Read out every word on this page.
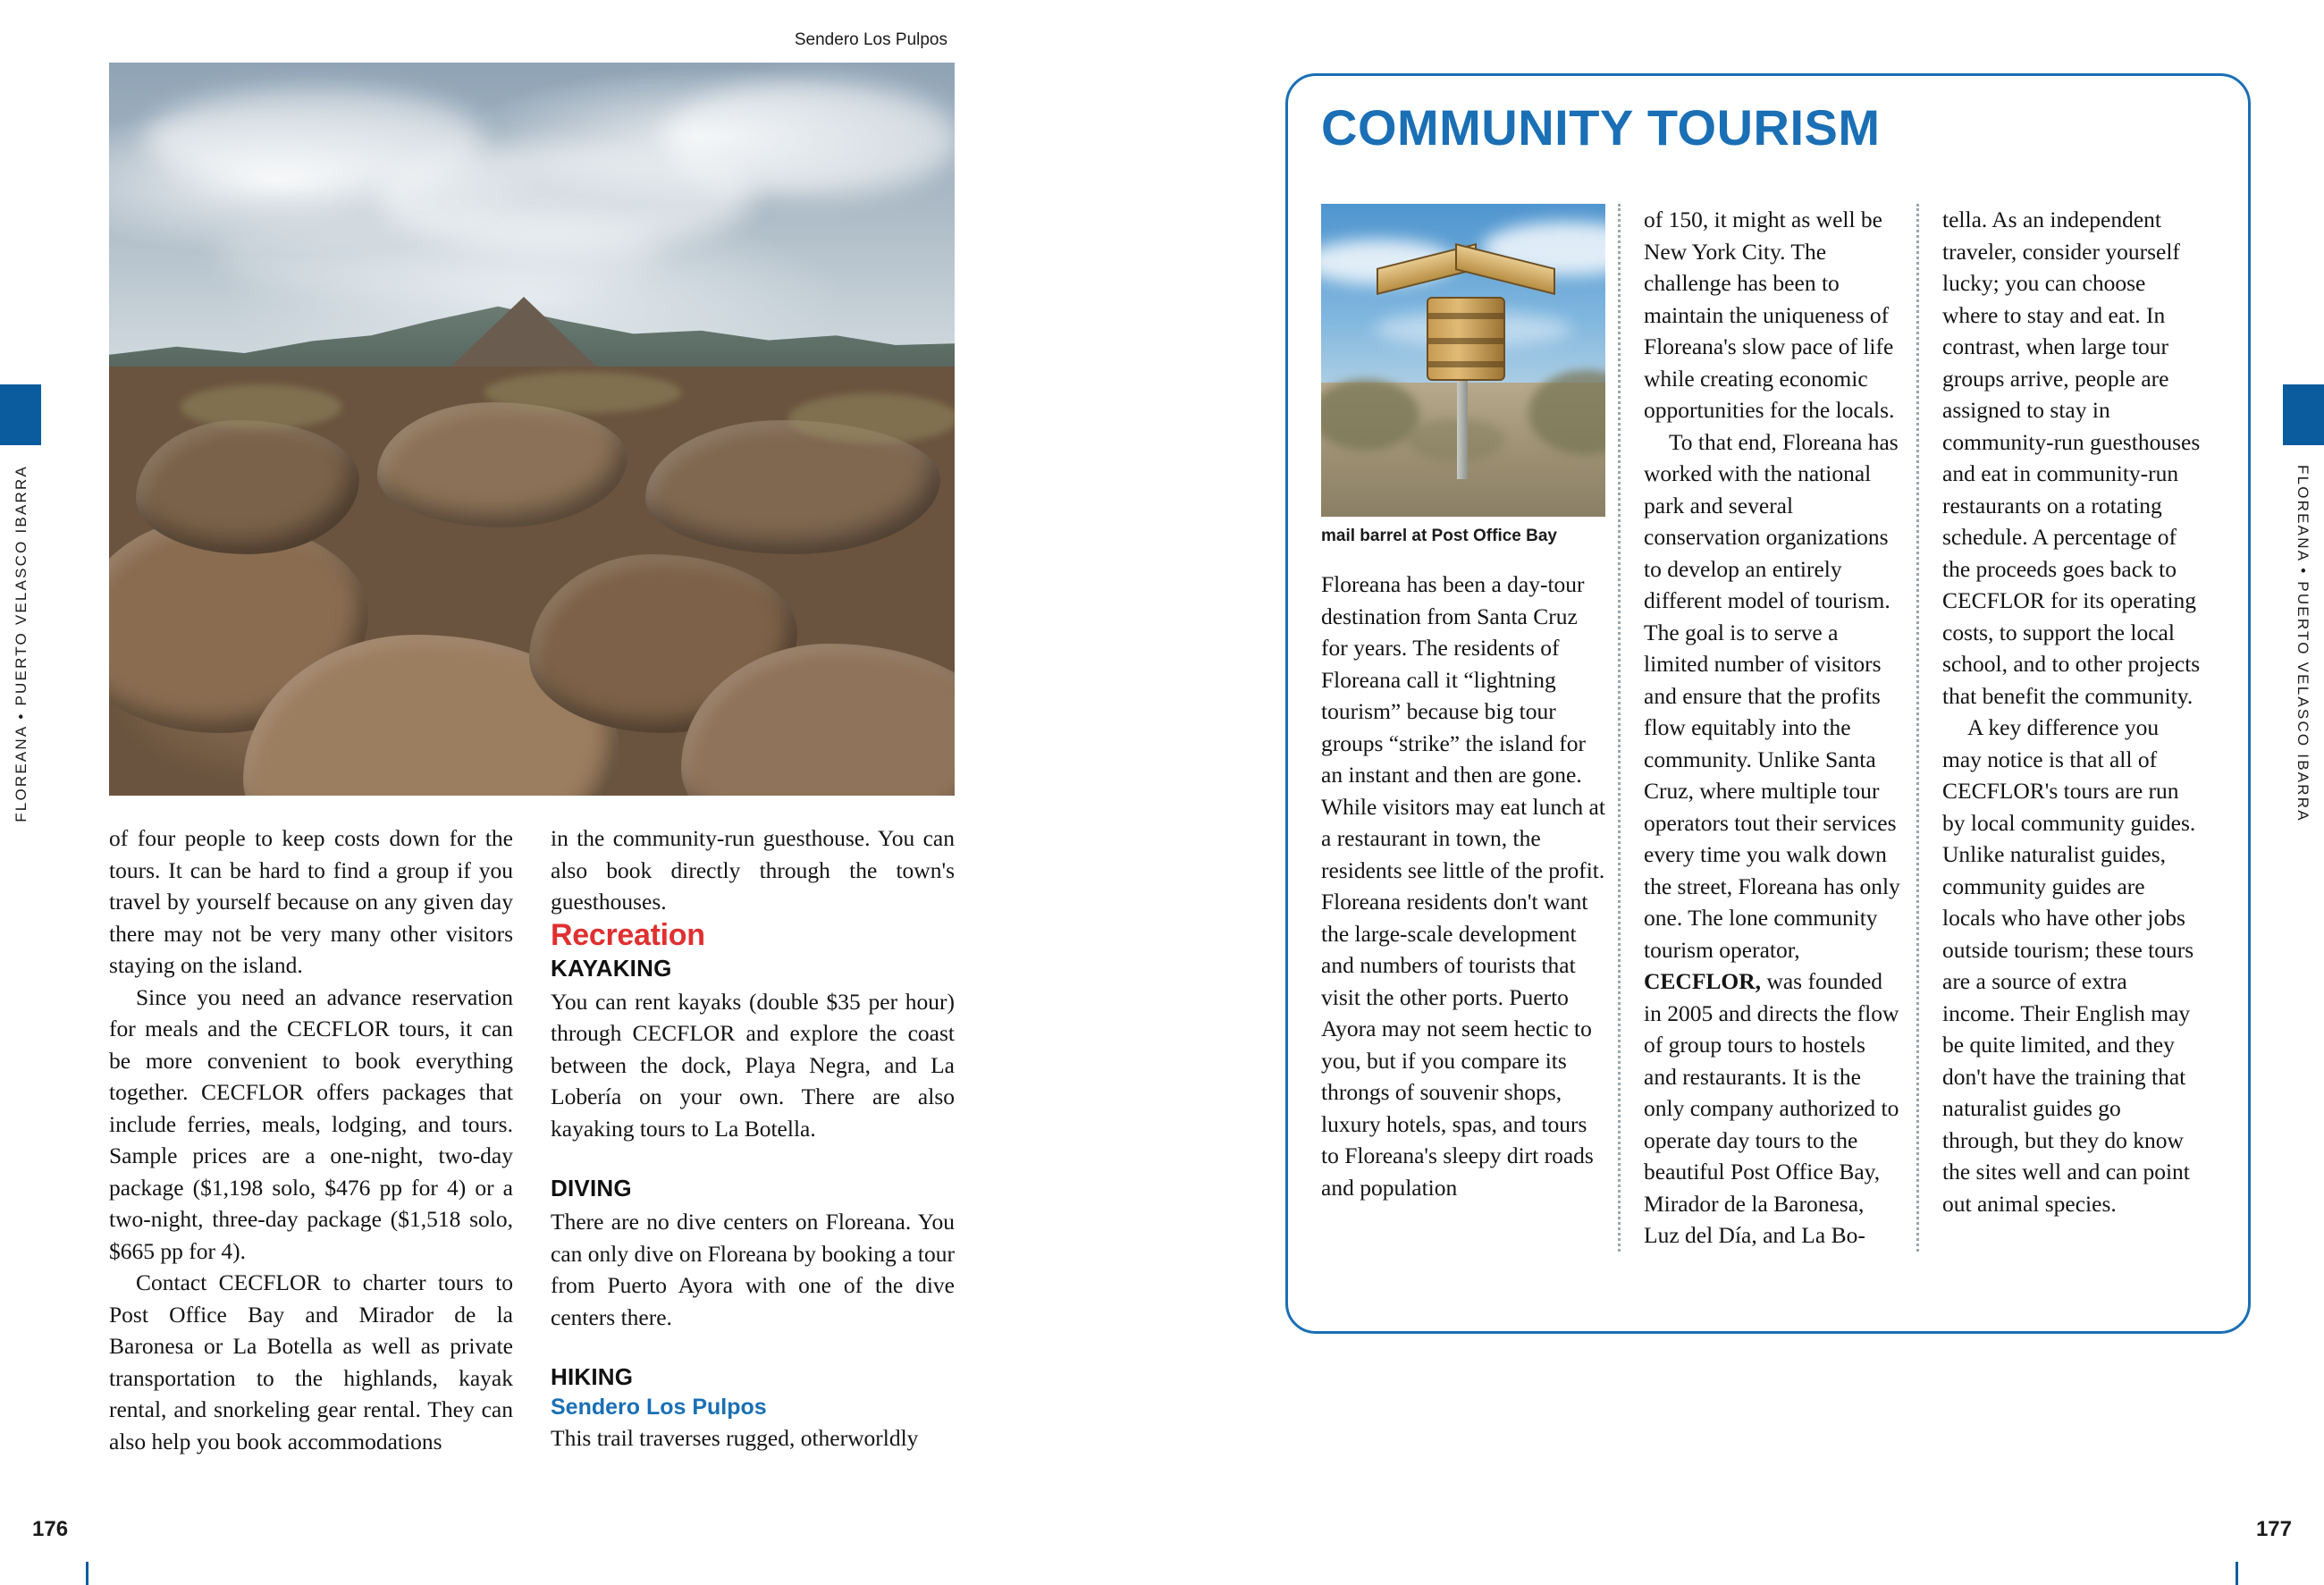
FLOREANA • PUERTO VELASCO IBARRA
Sendero Los Pulpos

of four people to keep costs down for the tours. It can be hard to find a group if you travel by yourself because on any given day there may not be very many other visitors staying on the island.

Since you need an advance reservation for meals and the CECFLOR tours, it can be more convenient to book everything together. CECFLOR offers packages that include ferries, meals, lodging, and tours. Sample prices are a one-night, two-day package ($1,198 solo, $476 pp for 4) or a two-night, three-day package ($1,518 solo, $665 pp for 4).

Contact CECFLOR to charter tours to Post Office Bay and Mirador de la Baronesa or La Botella as well as private transportation to the highlands, kayak rental, and snorkeling gear rental. They can also help you book accommodations

in the community-run guesthouse. You can also book directly through the town's guesthouses.

Recreation
KAYAKING

You can rent kayaks (double $35 per hour) through CECFLOR and explore the coast between the dock, Playa Negra, and La Lobería on your own. There are also kayaking tours to La Botella.

DIVING

There are no dive centers on Floreana. You can only dive on Floreana by booking a tour from Puerto Ayora with one of the dive centers there.

HIKING
Sendero Los Pulpos

This trail traverses rugged, otherworldly

176
FLOREANA • PUERTO VELASCO IBARRA
177
COMMUNITY TOURISM
mail barrel at Post Office Bay

Floreana has been a day-tour destination from Santa Cruz for years. The residents of Floreana call it “lightning tourism” because big tour groups “strike” the island for an instant and then are gone. While visitors may eat lunch at a restaurant in town, the residents see little of the profit. Floreana residents don't want the large-scale development and numbers of tourists that visit the other ports. Puerto Ayora may not seem hectic to you, but if you compare its throngs of souvenir shops, luxury hotels, spas, and tours to Floreana's sleepy dirt roads and population

of 150, it might as well be New York City. The challenge has been to maintain the uniqueness of Floreana's slow pace of life while creating economic opportunities for the locals.

To that end, Floreana has worked with the national park and several conservation organizations to develop an entirely different model of tourism. The goal is to serve a limited number of visitors and ensure that the profits flow equitably into the community. Unlike Santa Cruz, where multiple tour operators tout their services every time you walk down the street, Floreana has only one. The lone community tourism operator, CECFLOR, was founded in 2005 and directs the flow of group tours to hostels and restaurants. It is the only company authorized to operate day tours to the beautiful Post Office Bay, Mirador de la Baronesa, Luz del Día, and La Bo-

tella. As an independent traveler, consider yourself lucky; you can choose where to stay and eat. In contrast, when large tour groups arrive, people are assigned to stay in community-run guesthouses and eat in community-run restaurants on a rotating schedule. A percentage of the proceeds goes back to CECFLOR for its operating costs, to support the local school, and to other projects that benefit the community.

A key difference you may notice is that all of CECFLOR's tours are run by local community guides. Unlike naturalist guides, community guides are locals who have other jobs outside tourism; these tours are a source of extra income. Their English may be quite limited, and they don't have the training that naturalist guides go through, but they do know the sites well and can point out animal species.
